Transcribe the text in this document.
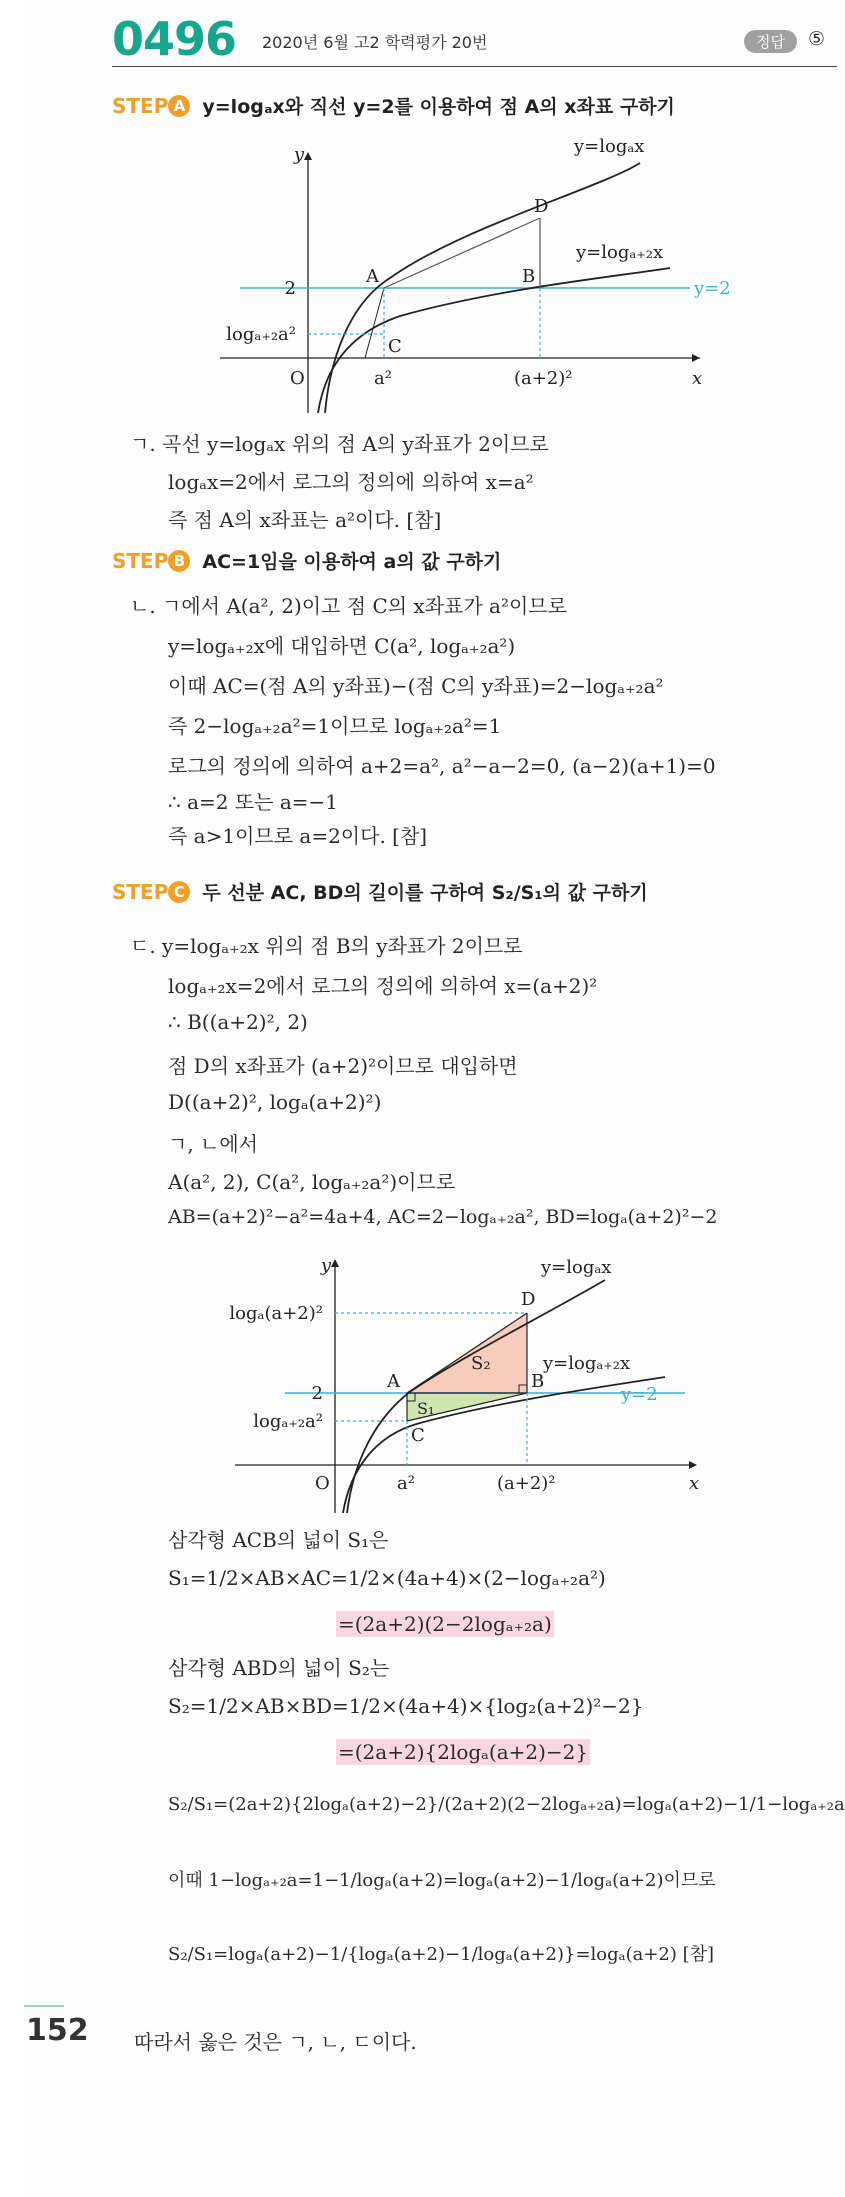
0496 2020년 6월 고2 학력평가 20번	정답	⑤
STEP A y=logₐx와 직선 y=2를 이용하여 점 A의 x좌표 구하기
y
x
O
y=logₐx
y=logₐ₊₂x
y=2
A	B
C
D
2
logₐ₊₂a²
a²	(a+2)²
ㄱ. 곡선 y=logₐx 위의 점 A의 y좌표가 2이므로
logₐx=2에서 로그의 정의에 의하여 x=a²
즉 점 A의 x좌표는 a²이다. [참]
STEP B AC=1임을 이용하여 a의 값 구하기
ㄴ. ㄱ에서 A(a², 2)이고 점 C의 x좌표가 a²이므로
y=logₐ₊₂x에 대입하면 C(a², logₐ₊₂a²)
이때 AC=(점 A의 y좌표)−(점 C의 y좌표)=2−logₐ₊₂a²
즉 2−logₐ₊₂a²=1이므로 logₐ₊₂a²=1
로그의 정의에 의하여 a+2=a², a²−a−2=0, (a−2)(a+1)=0
∴ a=2 또는 a=−1
즉 a>1이므로 a=2이다. [참]
STEP C 두 선분 AC, BD의 길이를 구하여 S₂/S₁의 값 구하기
ㄷ. y=logₐ₊₂x 위의 점 B의 y좌표가 2이므로
logₐ₊₂x=2에서 로그의 정의에 의하여 x=(a+2)²
∴ B((a+2)², 2)
점 D의 x좌표가 (a+2)²이므로 대입하면
D((a+2)², logₐ(a+2)²)
ㄱ, ㄴ에서
A(a², 2), C(a², logₐ₊₂a²)이므로
AB=(a+2)²−a²=4a+4, AC=2−logₐ₊₂a², BD=logₐ(a+2)²−2
y
x
O
y=logₐx
y=logₐ₊₂x
y=2
A	B
C
D
S₂
S₁
logₐ(a+2)²
2
logₐ₊₂a²
a²	(a+2)²
삼각형 ACB의 넓이 S₁은
S₁=1/2×AB×AC=1/2×(4a+4)×(2−logₐ₊₂a²)
=(2a+2)(2−2logₐ₊₂a)
삼각형 ABD의 넓이 S₂는
S₂=1/2×AB×BD=1/2×(4a+4)×{log₂(a+2)²−2}
=(2a+2){2logₐ(a+2)−2}
S₂/S₁=(2a+2){2logₐ(a+2)−2}/(2a+2)(2−2logₐ₊₂a)=logₐ(a+2)−1/1−logₐ₊₂a
이때 1−logₐ₊₂a=1−1/logₐ(a+2)=logₐ(a+2)−1/logₐ(a+2)이므로
S₂/S₁=logₐ(a+2)−1/{logₐ(a+2)−1/logₐ(a+2)}=logₐ(a+2) [참]
따라서 옳은 것은 ㄱ, ㄴ, ㄷ이다.
152
